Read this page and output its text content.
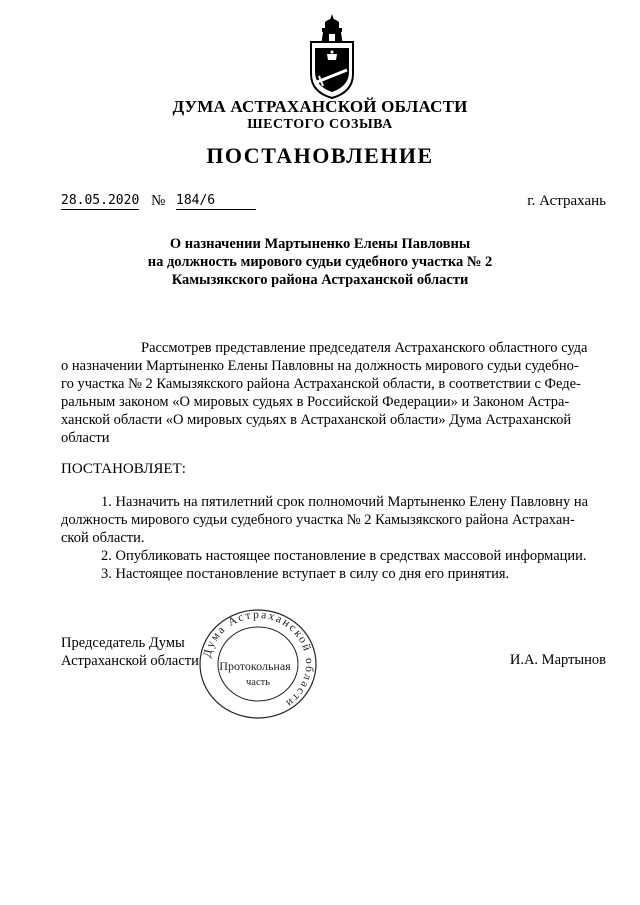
ДУМА АСТРАХАНСКОЙ ОБЛАСТИ
ШЕСТОГО СОЗЫВА
ПОСТАНОВЛЕНИЕ
28.05.2020 № 184/6	г. Астрахань
О назначении Мартыненко Елены Павловны
на должность мирового судьи судебного участка № 2
Камызякского района Астраханской области
Рассмотрев представление председателя Астраханского областного суда
о назначении Мартыненко Елены Павловны на должность мирового судьи судебно-
го участка № 2 Камызякского района Астраханской области, в соответствии с Феде-
ральным законом «О мировых судьях в Российской Федерации» и Законом Астра-
ханской области «О мировых судьях в Астраханской области» Дума Астраханской
области
ПОСТАНОВЛЯЕТ:
1. Назначить на пятилетний срок полномочий Мартыненко Елену Павловну на
должность мирового судьи судебного участка № 2 Камызякского района Астрахан-
ской области.
2. Опубликовать настоящее постановление в средствах массовой информации.
3. Настоящее постановление вступает в силу со дня его принятия.
Председатель Думы
Астраханской области	И.А. Мартынов
Дума Астраханской области
Протокольная
часть
